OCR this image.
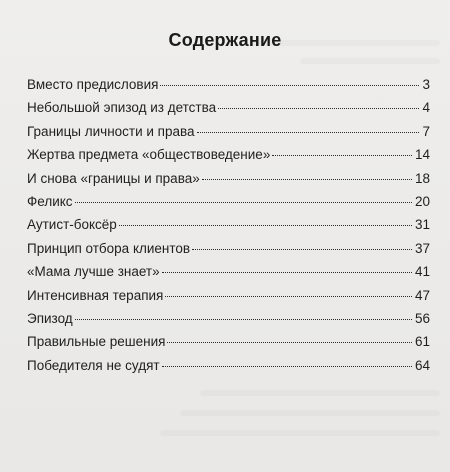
Содержание
Вместо предисловия	3
Небольшой эпизод из детства	4
Границы личности и права	7
Жертва предмета «обществоведение»	14
И снова «границы и права»	18
Феликс	20
Аутист-боксёр	31
Принцип отбора клиентов	37
«Мама лучше знает»	41
Интенсивная терапия	47
Эпизод	56
Правильные решения	61
Победителя не судят	64
